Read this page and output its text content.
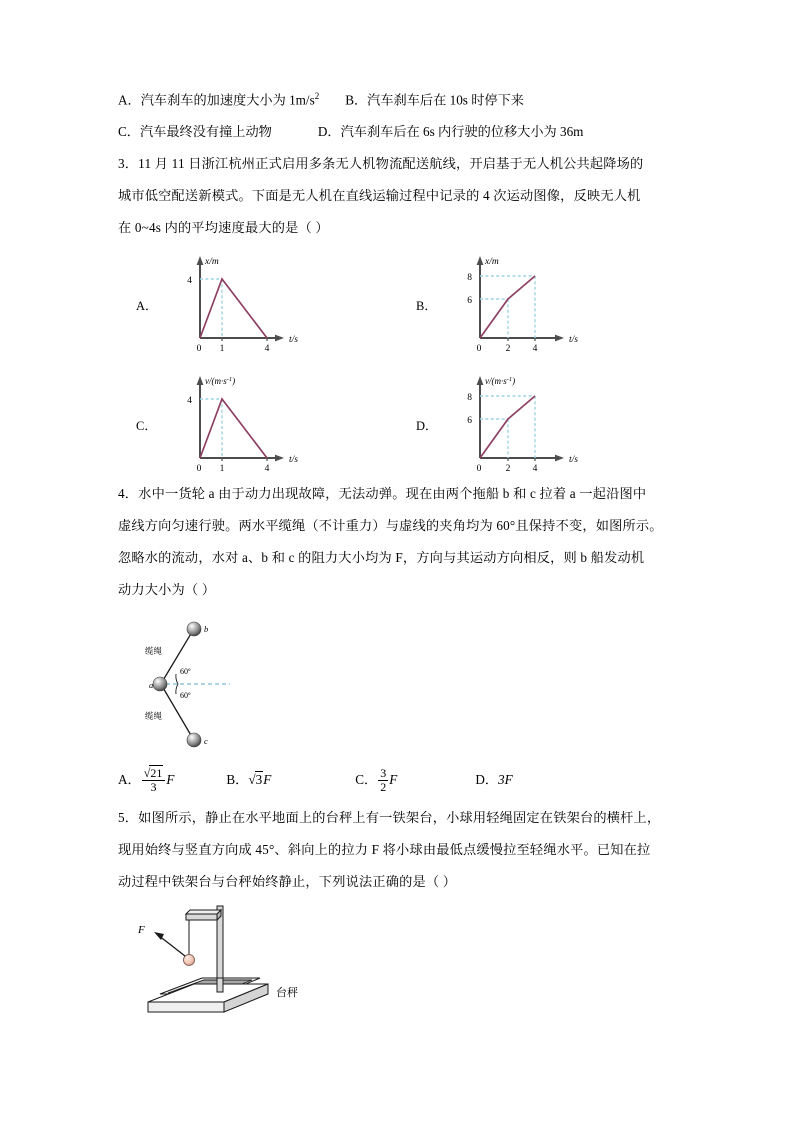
A．汽车刹车的加速度大小为 $1m/s^2$ B．汽车刹车后在 10s 时停下来
C．汽车最终没有撞上动物	D．汽车刹车后在 6s 内行驶的位移大小为 36m
3．11 月 11 日浙江杭州正式启用多条无人机物流配送航线，开启基于无人机公共起降场的
城市低空配送新模式。下面是无人机在直线运输过程中记录的 4 次运动图像，反映无人机
在 0~4s 内的平均速度最大的是（ ）
A．
4
0 1	4
x/m
t/s
B．
8
6
0	2 4
x/m
t/s
C．
4
0 1	4
$v/(m\cdot s^{-1})$
t/s
D．
8
6
0	2 4
$v/(m\cdot s^{-1})$
t/s
4．水中一货轮 a 由于动力出现故障，无法动弹。现在由两个拖船 b 和 c 拉着 a 一起沿图中
虚线方向匀速行驶。两水平缆绳（不计重力）与虚线的夹角均为 60°且保持不变，如图所示。
忽略水的流动，水对 a、b 和 c 的阻力大小均为 F，方向与其运动方向相反，则 b 船发动机
动力大小为（ ）
a
b
c
缆绳
缆绳
60º
60º
A． $\frac{√21}{3}$ F	B．√3F	C． $\frac{3}{2}$ F	D．3F
5．如图所示，静止在水平地面上的台秤上有一铁架台，小球用轻绳固定在铁架台的横杆上，
现用始终与竖直方向成 45°、斜向上的拉力 F 将小球由最低点缓慢拉至轻绳水平。已知在拉
动过程中铁架台与台秤始终静止，下列说法正确的是（ ）
F
台秤
